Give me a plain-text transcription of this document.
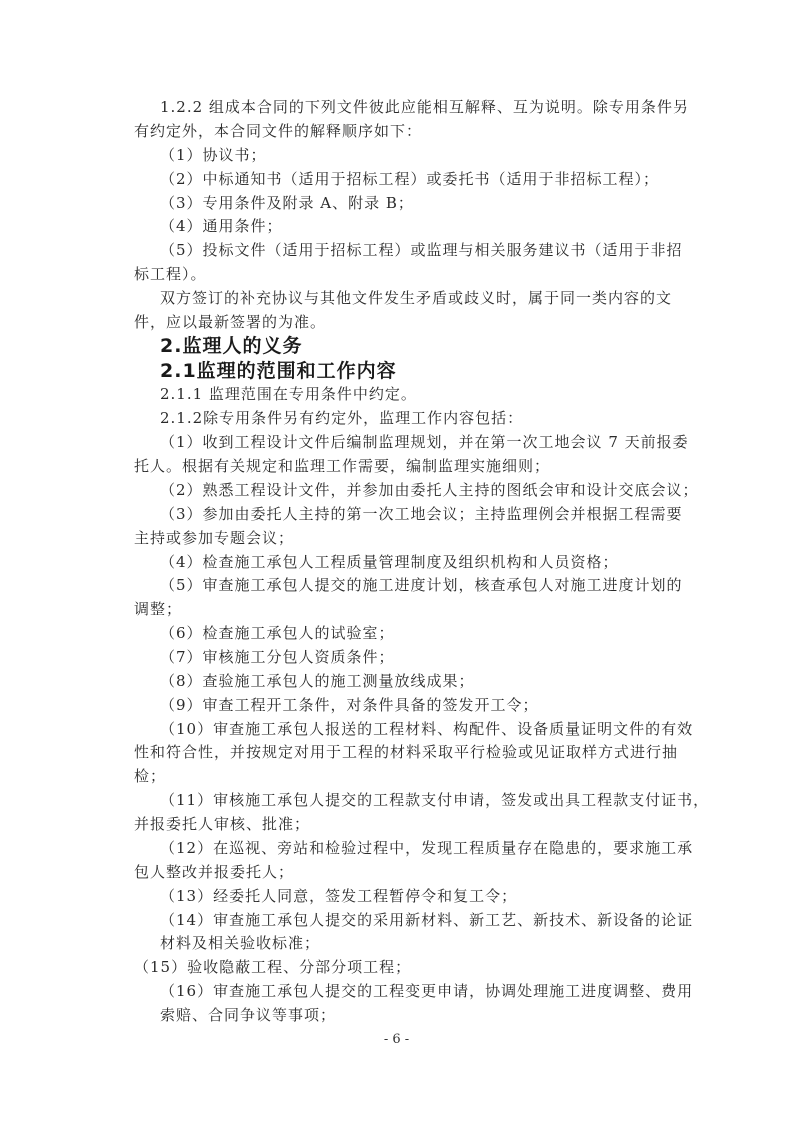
1.2.2 组成本合同的下列文件彼此应能相互解释、互为说明。除专用条件另
有约定外，本合同文件的解释顺序如下：
（1）协议书；
（2）中标通知书（适用于招标工程）或委托书（适用于非招标工程）；
（3）专用条件及附录 A、附录 B；
（4）通用条件；
（5）投标文件（适用于招标工程）或监理与相关服务建议书（适用于非招
标工程）。
双方签订的补充协议与其他文件发生矛盾或歧义时，属于同一类内容的文
件，应以最新签署的为准。
2.监理人的义务
2.1监理的范围和工作内容
2.1.1 监理范围在专用条件中约定。
2.1.2除专用条件另有约定外，监理工作内容包括：
（1）收到工程设计文件后编制监理规划，并在第一次工地会议 7 天前报委
托人。根据有关规定和监理工作需要，编制监理实施细则；
（2）熟悉工程设计文件，并参加由委托人主持的图纸会审和设计交底会议；
（3）参加由委托人主持的第一次工地会议；主持监理例会并根据工程需要
主持或参加专题会议；
（4）检查施工承包人工程质量管理制度及组织机构和人员资格；
（5）审查施工承包人提交的施工进度计划，核查承包人对施工进度计划的
调整；
（6）检查施工承包人的试验室；
（7）审核施工分包人资质条件；
（8）查验施工承包人的施工测量放线成果；
（9）审查工程开工条件，对条件具备的签发开工令；
（10）审查施工承包人报送的工程材料、构配件、设备质量证明文件的有效
性和符合性，并按规定对用于工程的材料采取平行检验或见证取样方式进行抽
检；
（11）审核施工承包人提交的工程款支付申请，签发或出具工程款支付证书，
并报委托人审核、批准；
（12）在巡视、旁站和检验过程中，发现工程质量存在隐患的，要求施工承
包人整改并报委托人；
（13）经委托人同意，签发工程暂停令和复工令；
（14）审查施工承包人提交的采用新材料、新工艺、新技术、新设备的论证
材料及相关验收标准；
（15）验收隐蔽工程、分部分项工程；
（16）审查施工承包人提交的工程变更申请，协调处理施工进度调整、费用
索赔、合同争议等事项；
- 6 -
